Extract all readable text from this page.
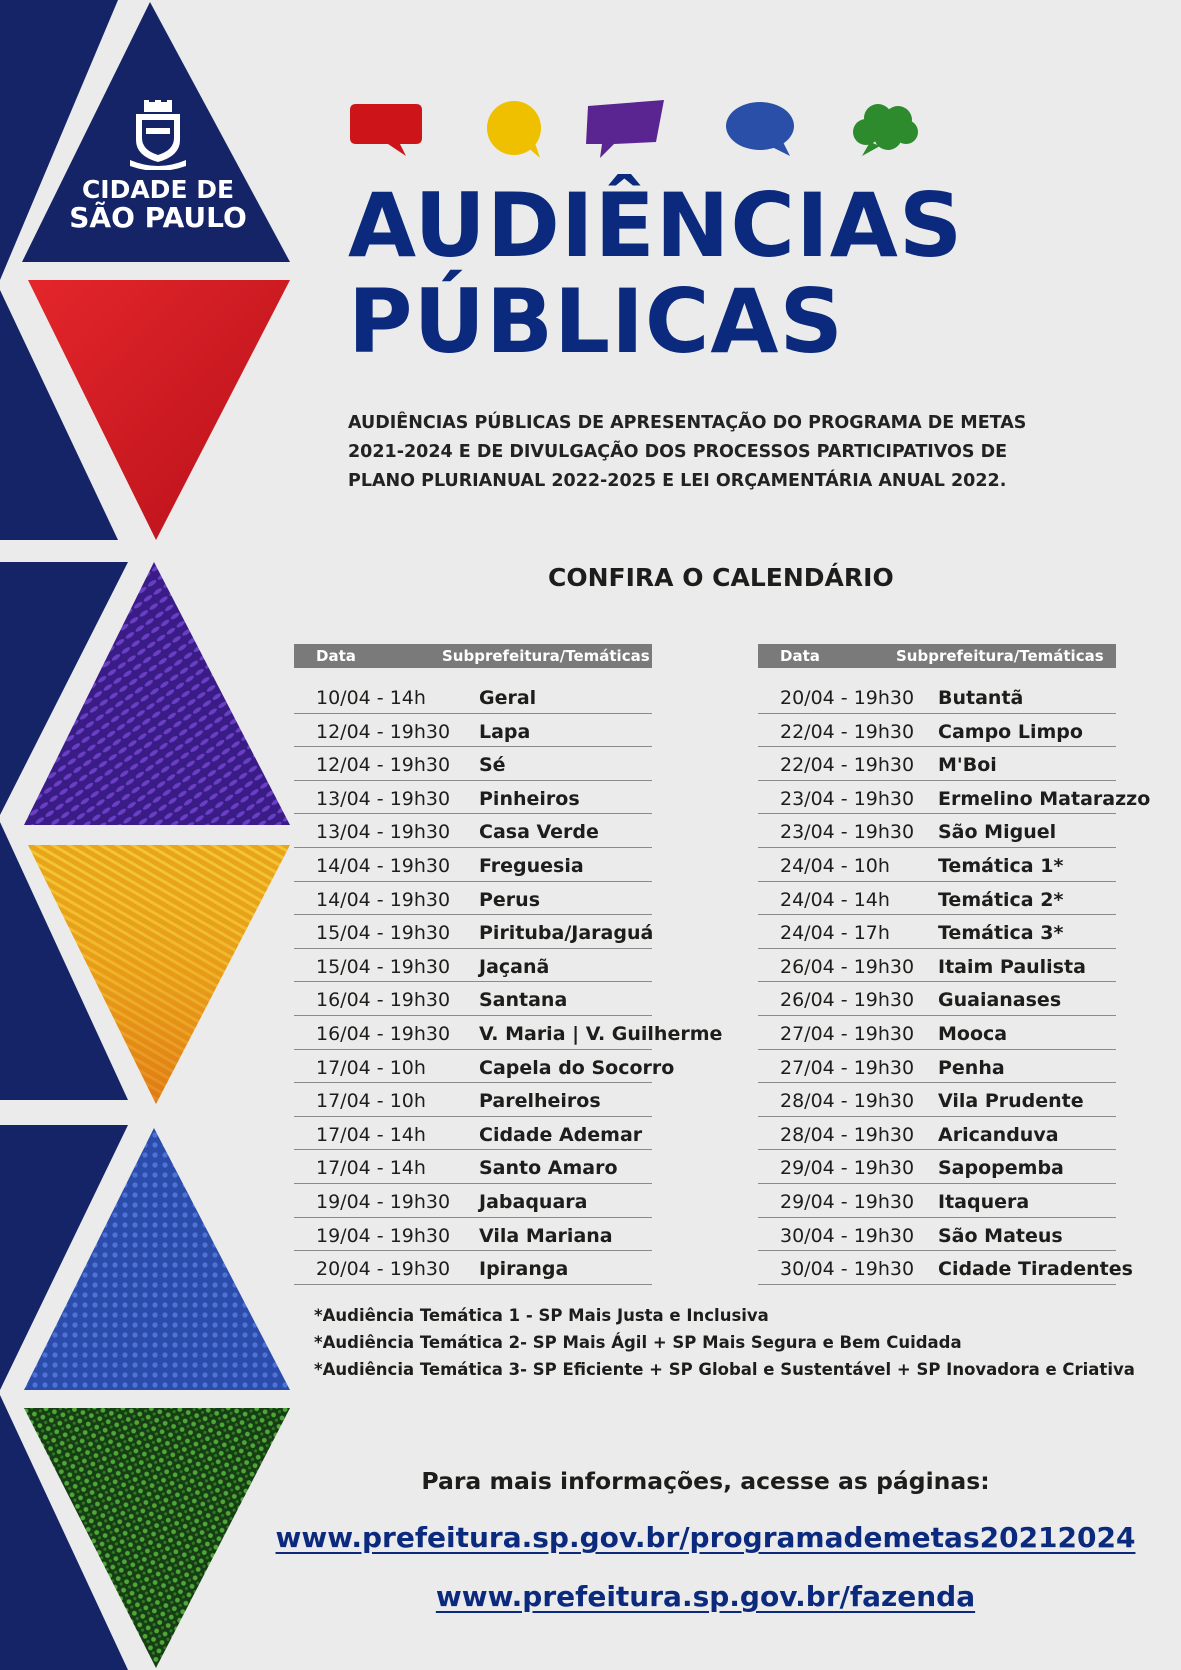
CIDADE DE
SÃO PAULO	AUDIÊNCIAS
PÚBLICAS

AUDIÊNCIAS PÚBLICAS DE APRESENTAÇÃO DO PROGRAMA DE METAS 2021-2024 E DE DIVULGAÇÃO DOS PROCESSOS PARTICIPATIVOS DE PLANO PLURIANUAL 2022-2025 E LEI ORÇAMENTÁRIA ANUAL 2022.

CONFIRA O CALENDÁRIO
Data	Subprefeitura/Temáticas
10/04 - 14h	Geral
12/04 - 19h30 Lapa
12/04 - 19h30 Sé
13/04 - 19h30 Pinheiros
13/04 - 19h30 Casa Verde
14/04 - 19h30 Freguesia
14/04 - 19h30 Perus
15/04 - 19h30 Pirituba/Jaraguá
15/04 - 19h30 Jaçanã
16/04 - 19h30 Santana
16/04 - 19h30 V. Maria | V. Guilherme
17/04 - 10h	Capela do Socorro
17/04 - 10h	Parelheiros
17/04 - 14h	Cidade Ademar
17/04 - 14h	Santo Amaro
19/04 - 19h30 Jabaquara
19/04 - 19h30 Vila Mariana
20/04 - 19h30 Ipiranga
Data	Subprefeitura/Temáticas
20/04 - 19h30 Butantã
22/04 - 19h30 Campo Limpo
22/04 - 19h30 M'Boi
23/04 - 19h30 Ermelino Matarazzo
23/04 - 19h30 São Miguel
24/04 - 10h	Temática 1*
24/04 - 14h	Temática 2*
24/04 - 17h	Temática 3*
26/04 - 19h30 Itaim Paulista
26/04 - 19h30 Guaianases
27/04 - 19h30 Mooca
27/04 - 19h30 Penha
28/04 - 19h30 Vila Prudente
28/04 - 19h30 Aricanduva
29/04 - 19h30 Sapopemba
29/04 - 19h30 Itaquera
30/04 - 19h30 São Mateus
30/04 - 19h30 Cidade Tiradentes
*Audiência Temática 1 - SP Mais Justa e Inclusiva
*Audiência Temática 2- SP Mais Ágil + SP Mais Segura e Bem Cuidada
*Audiência Temática 3- SP Eficiente + SP Global e Sustentável + SP Inovadora e Criativa
Para mais informações, acesse as páginas:
www.prefeitura.sp.gov.br/programademetas20212024
www.prefeitura.sp.gov.br/fazenda
